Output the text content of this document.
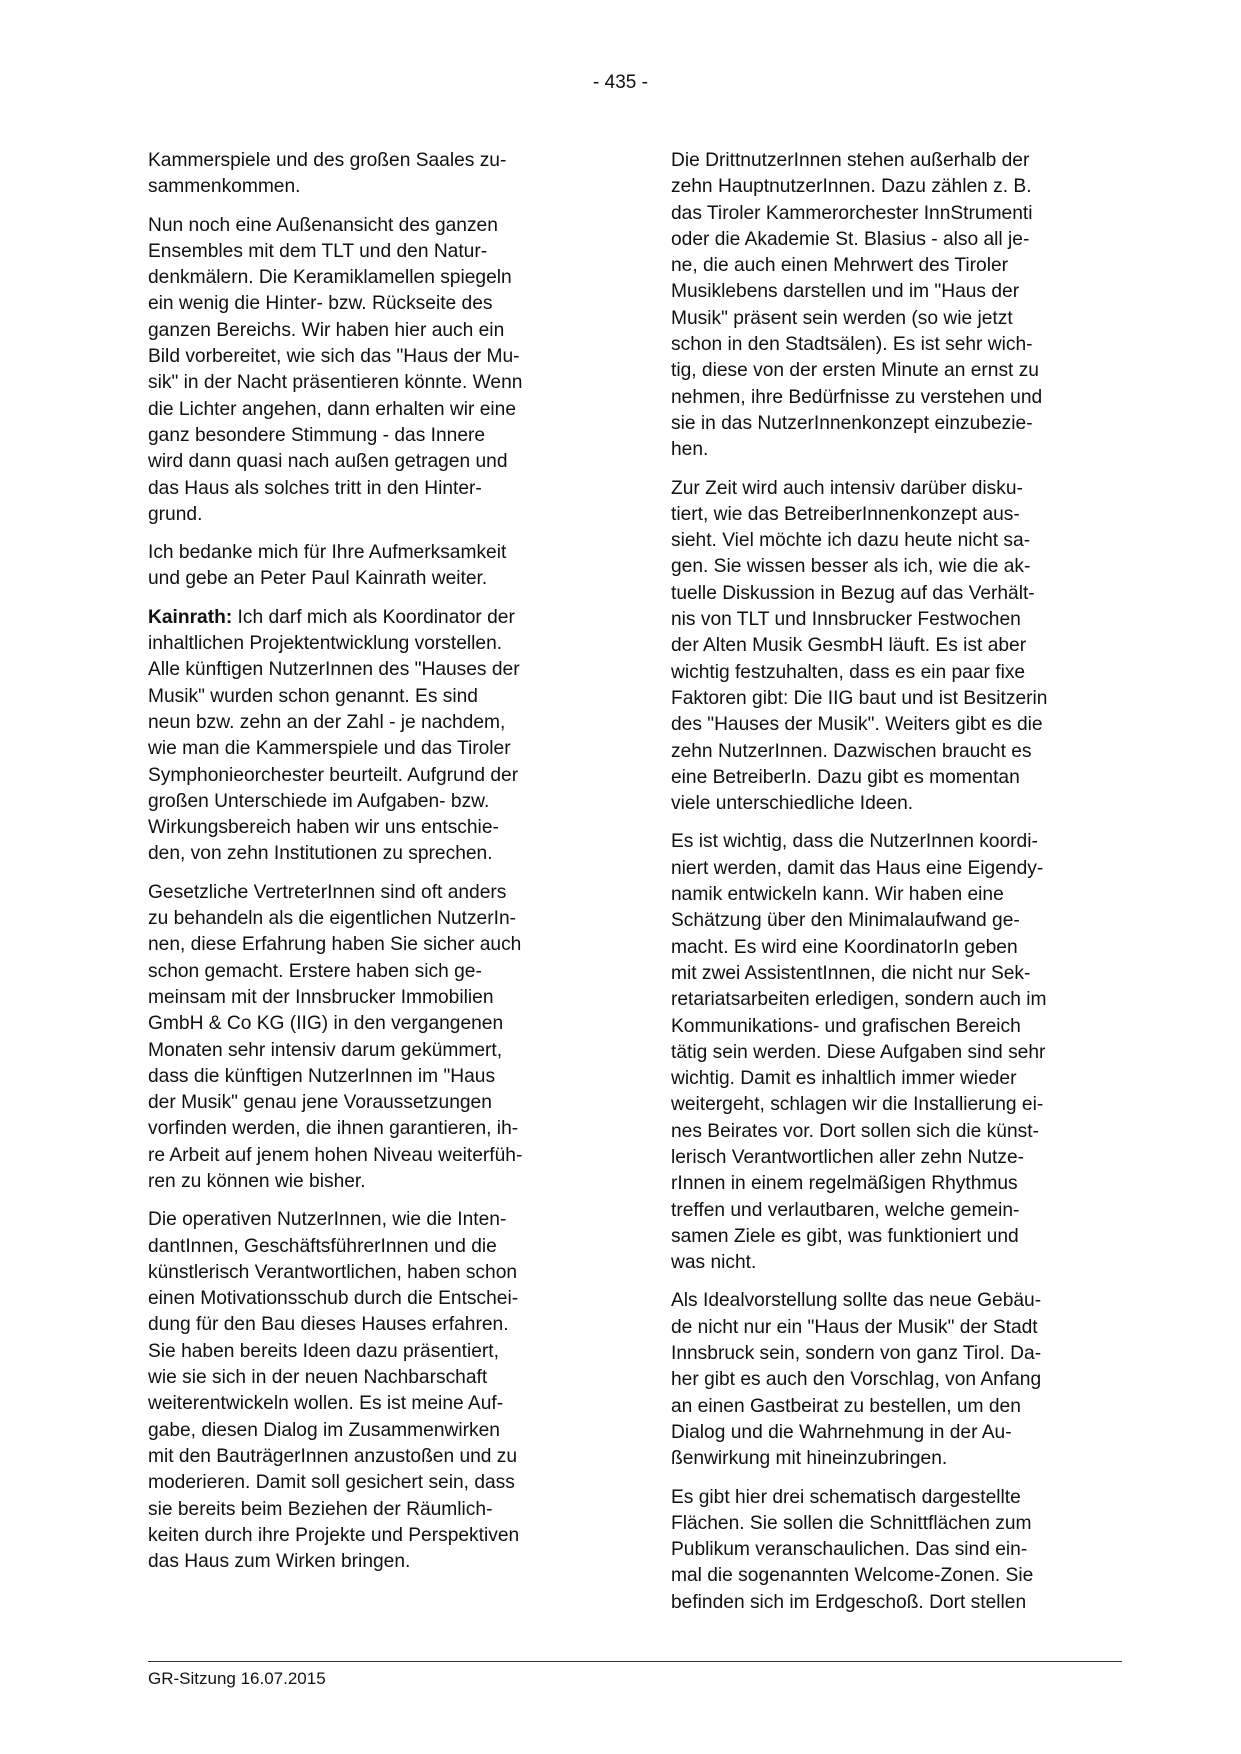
- 435 -

Kammerspiele und des großen Saales zu-
sammenkommen.

Nun noch eine Außenansicht des ganzen
Ensembles mit dem TLT und den Natur-
denkmälern. Die Keramiklamellen spiegeln
ein wenig die Hinter- bzw. Rückseite des
ganzen Bereichs. Wir haben hier auch ein
Bild vorbereitet, wie sich das "Haus der Mu-
sik" in der Nacht präsentieren könnte. Wenn
die Lichter angehen, dann erhalten wir eine
ganz besondere Stimmung - das Innere
wird dann quasi nach außen getragen und
das Haus als solches tritt in den Hinter-
grund.

Ich bedanke mich für Ihre Aufmerksamkeit
und gebe an Peter Paul Kainrath weiter.

Kainrath: Ich darf mich als Koordinator der
inhaltlichen Projektentwicklung vorstellen.
Alle künftigen NutzerInnen des "Hauses der
Musik" wurden schon genannt. Es sind
neun bzw. zehn an der Zahl - je nachdem,
wie man die Kammerspiele und das Tiroler
Symphonieorchester beurteilt. Aufgrund der
großen Unterschiede im Aufgaben- bzw.
Wirkungsbereich haben wir uns entschie-
den, von zehn Institutionen zu sprechen.

Gesetzliche VertreterInnen sind oft anders
zu behandeln als die eigentlichen NutzerIn-
nen, diese Erfahrung haben Sie sicher auch
schon gemacht. Erstere haben sich ge-
meinsam mit der Innsbrucker Immobilien
GmbH & Co KG (IIG) in den vergangenen
Monaten sehr intensiv darum gekümmert,
dass die künftigen NutzerInnen im "Haus
der Musik" genau jene Voraussetzungen
vorfinden werden, die ihnen garantieren, ih-
re Arbeit auf jenem hohen Niveau weiterfüh-
ren zu können wie bisher.

Die operativen NutzerInnen, wie die Inten-
dantInnen, GeschäftsführerInnen und die
künstlerisch Verantwortlichen, haben schon
einen Motivationsschub durch die Entschei-
dung für den Bau dieses Hauses erfahren.
Sie haben bereits Ideen dazu präsentiert,
wie sie sich in der neuen Nachbarschaft
weiterentwickeln wollen. Es ist meine Auf-
gabe, diesen Dialog im Zusammenwirken
mit den BauträgerInnen anzustoßen und zu
moderieren. Damit soll gesichert sein, dass
sie bereits beim Beziehen der Räumlich-
keiten durch ihre Projekte und Perspektiven
das Haus zum Wirken bringen.

Die DrittnutzerInnen stehen außerhalb der
zehn HauptnutzerInnen. Dazu zählen z. B.
das Tiroler Kammerorchester InnStrumenti
oder die Akademie St. Blasius - also all je-
ne, die auch einen Mehrwert des Tiroler
Musiklebens darstellen und im "Haus der
Musik" präsent sein werden (so wie jetzt
schon in den Stadtsälen). Es ist sehr wich-
tig, diese von der ersten Minute an ernst zu
nehmen, ihre Bedürfnisse zu verstehen und
sie in das NutzerInnenkonzept einzubezie-
hen.

Zur Zeit wird auch intensiv darüber disku-
tiert, wie das BetreiberInnenkonzept aus-
sieht. Viel möchte ich dazu heute nicht sa-
gen. Sie wissen besser als ich, wie die ak-
tuelle Diskussion in Bezug auf das Verhält-
nis von TLT und Innsbrucker Festwochen
der Alten Musik GesmbH läuft. Es ist aber
wichtig festzuhalten, dass es ein paar fixe
Faktoren gibt: Die IIG baut und ist Besitzerin
des "Hauses der Musik". Weiters gibt es die
zehn NutzerInnen. Dazwischen braucht es
eine BetreiberIn. Dazu gibt es momentan
viele unterschiedliche Ideen.

Es ist wichtig, dass die NutzerInnen koordi-
niert werden, damit das Haus eine Eigendy-
namik entwickeln kann. Wir haben eine
Schätzung über den Minimalaufwand ge-
macht. Es wird eine KoordinatorIn geben
mit zwei AssistentInnen, die nicht nur Sek-
retariatsarbeiten erledigen, sondern auch im
Kommunikations- und grafischen Bereich
tätig sein werden. Diese Aufgaben sind sehr
wichtig. Damit es inhaltlich immer wieder
weitergeht, schlagen wir die Installierung ei-
nes Beirates vor. Dort sollen sich die künst-
lerisch Verantwortlichen aller zehn Nutze-
rInnen in einem regelmäßigen Rhythmus
treffen und verlautbaren, welche gemein-
samen Ziele es gibt, was funktioniert und
was nicht.

Als Idealvorstellung sollte das neue Gebäu-
de nicht nur ein "Haus der Musik" der Stadt
Innsbruck sein, sondern von ganz Tirol. Da-
her gibt es auch den Vorschlag, von Anfang
an einen Gastbeirat zu bestellen, um den
Dialog und die Wahrnehmung in der Au-
ßenwirkung mit hineinzubringen.

Es gibt hier drei schematisch dargestellte
Flächen. Sie sollen die Schnittflächen zum
Publikum veranschaulichen. Das sind ein-
mal die sogenannten Welcome-Zonen. Sie
befinden sich im Erdgeschoß. Dort stellen

GR-Sitzung 16.07.2015
